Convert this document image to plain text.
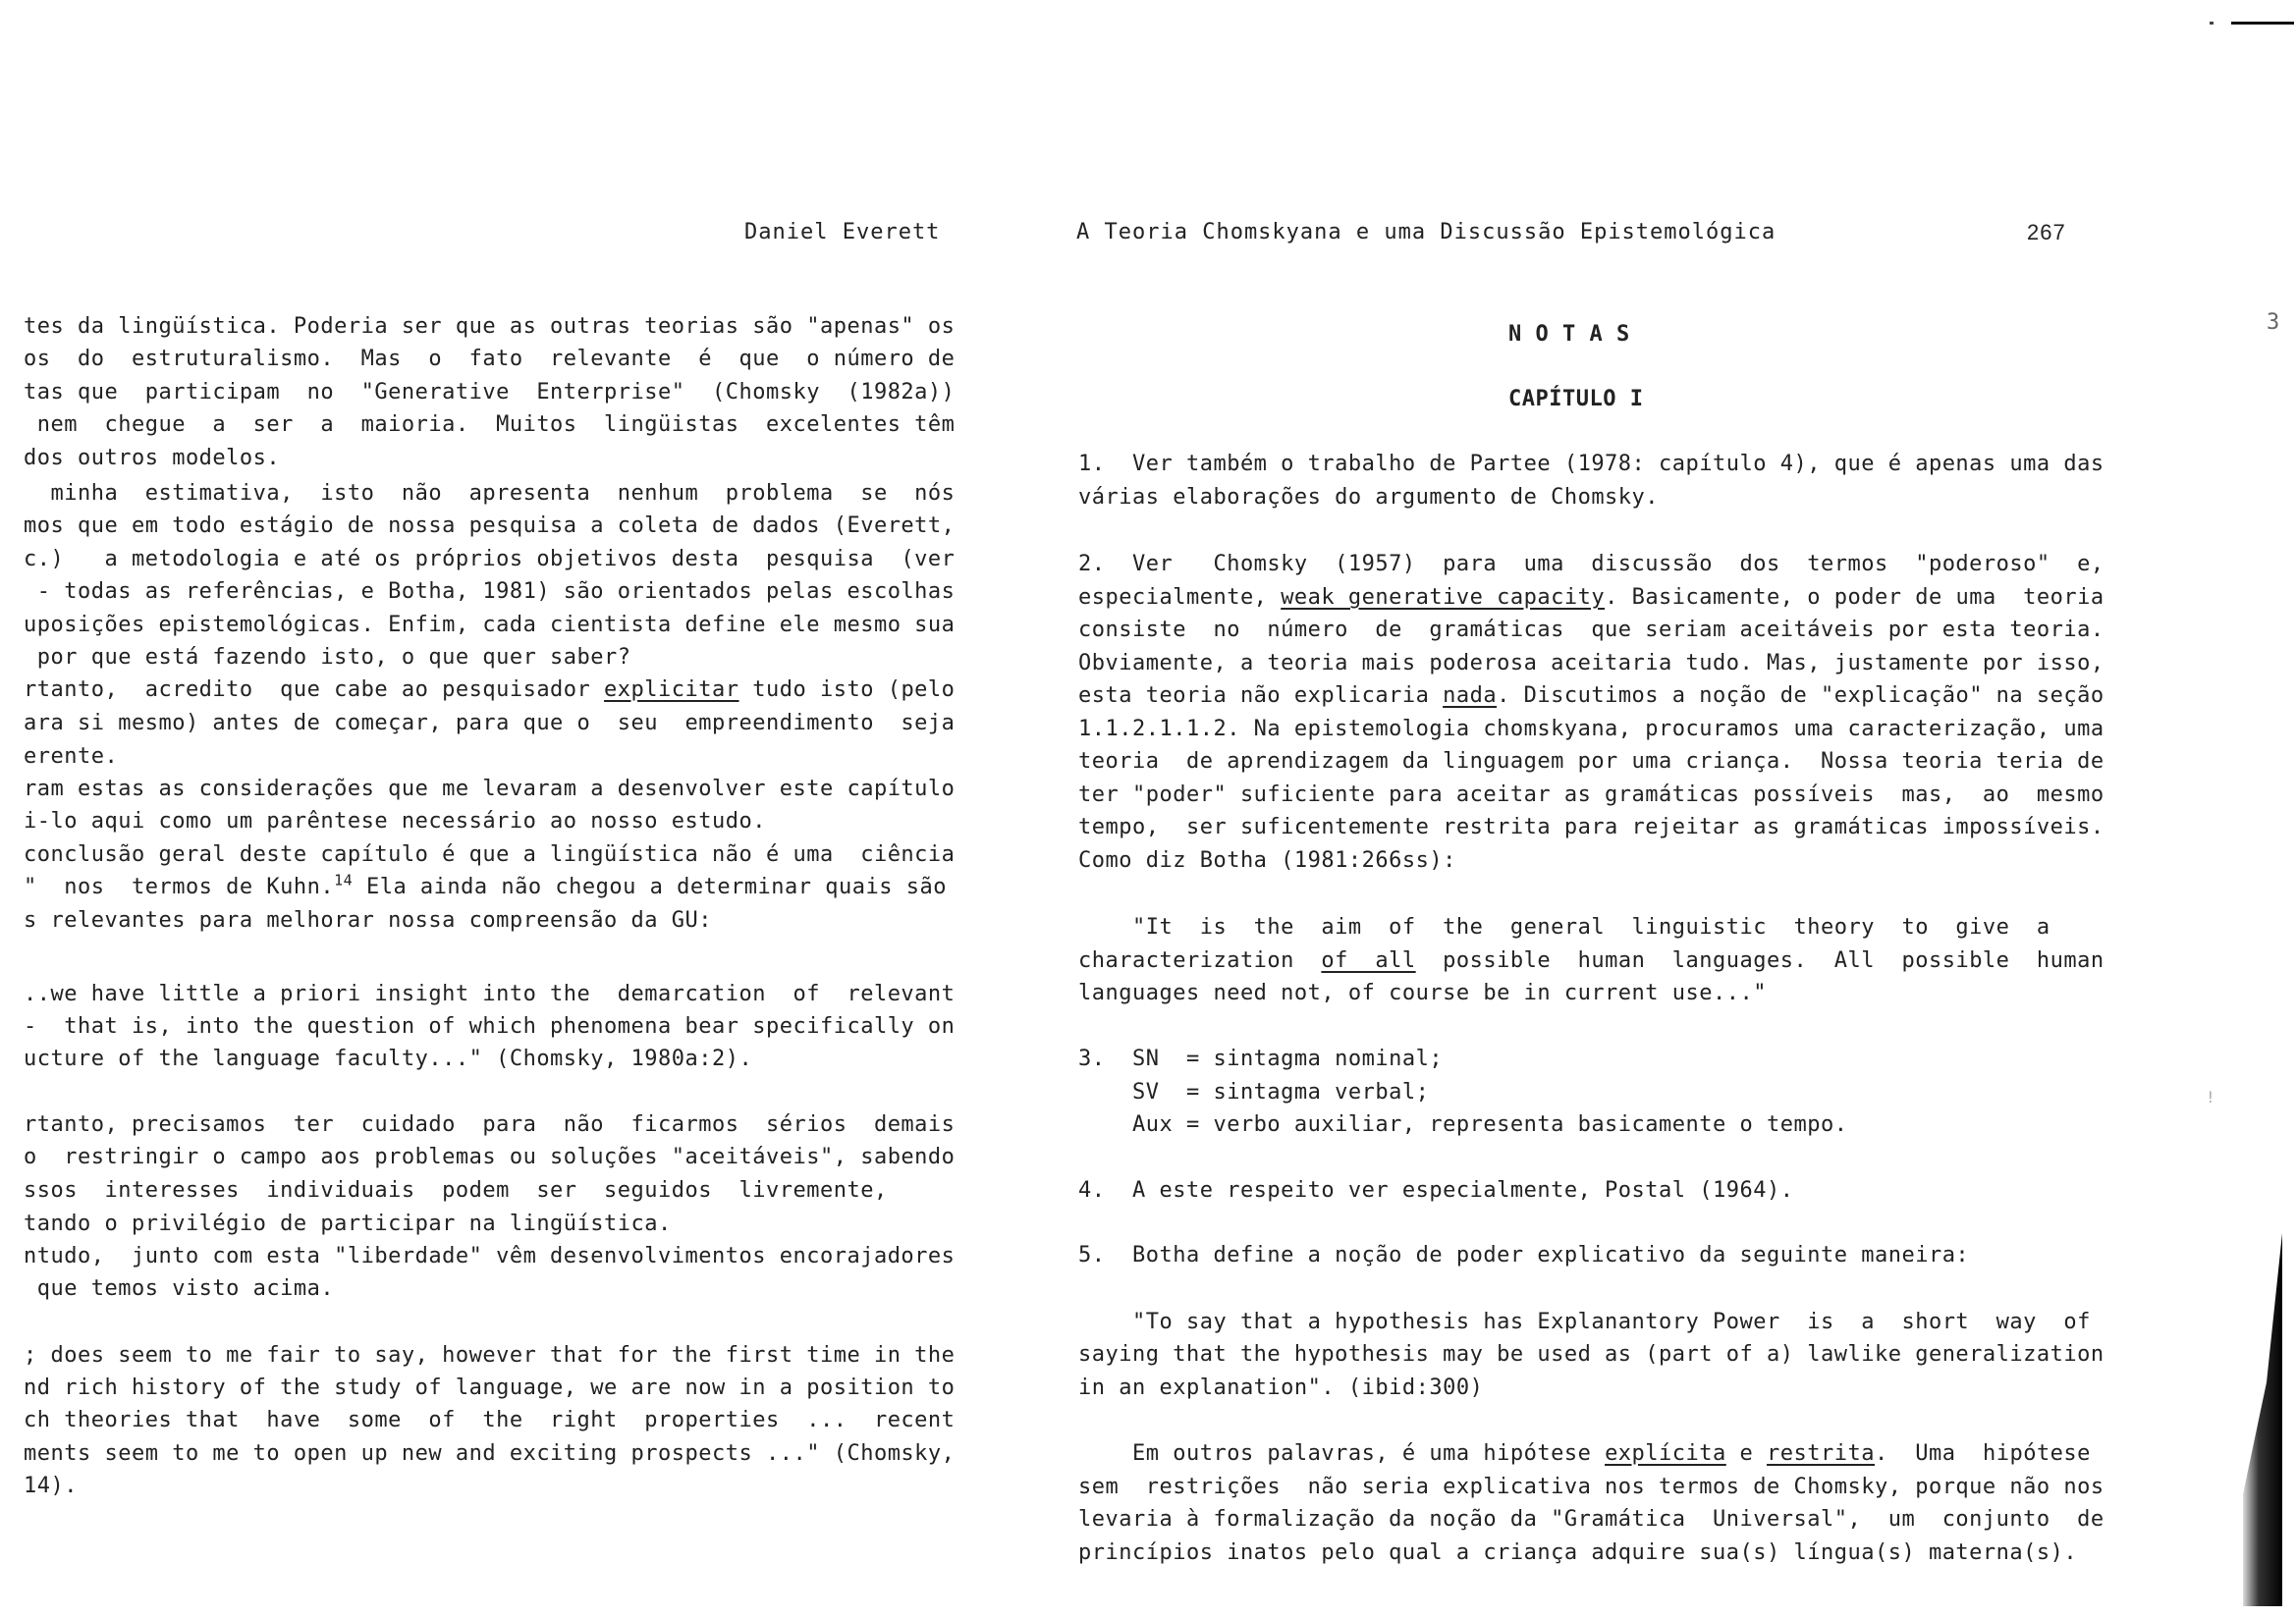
3
!
Daniel Everett
tes da lingüística. Poderia ser que as outras teorias são "apenas" os
os  do  estruturalismo.  Mas  o  fato  relevante  é  que  o número de
tas que  participam  no  "Generative  Enterprise"  (Chomsky  (1982a))
nem  chegue  a  ser  a  maioria.  Muitos  lingüistas  excelentes têm
dos outros modelos.
minha  estimativa,  isto  não  apresenta  nenhum  problema  se  nós
mos que em todo estágio de nossa pesquisa a coleta de dados (Everett,
c.)   a metodologia e até os próprios objetivos desta  pesquisa  (ver
- todas as referências, e Botha, 1981) são orientados pelas escolhas
uposições epistemológicas. Enfim, cada cientista define ele mesmo sua
por que está fazendo isto, o que quer saber?
rtanto,  acredito  que cabe ao pesquisador explicitar tudo isto (pelo
ara si mesmo) antes de começar, para que o  seu  empreendimento  seja
erente.
ram estas as considerações que me levaram a desenvolver este capítulo
i-lo aqui como um parêntese necessário ao nosso estudo.
conclusão geral deste capítulo é que a lingüística não é uma  ciência
"  nos  termos de Kuhn.$^{14}$ Ela ainda não chegou a determinar quais são
s relevantes para melhorar nossa compreensão da GU:
..we have little a priori insight into the  demarcation  of  relevant
-  that is, into the question of which phenomena bear specifically on
ucture of the language faculty..." (Chomsky, 1980a:2).
rtanto, precisamos  ter  cuidado  para  não  ficarmos  sérios  demais
o  restringir o campo aos problemas ou soluções "aceitáveis", sabendo
ssos  interesses  individuais  podem  ser  seguidos  livremente,
tando o privilégio de participar na lingüística.
ntudo,  junto com esta "liberdade" vêm desenvolvimentos encorajadores
que temos visto acima.
; does seem to me fair to say, however that for the first time in the
nd rich history of the study of language, we are now in a position to
ch theories that  have  some  of  the  right  properties  ...  recent
ments seem to me to open up new and exciting prospects ..." (Chomsky,
14).
A Teoria Chomskyana e uma Discussão Epistemológica	267
N O T A S
CAPÍTULO I
1.  Ver também o trabalho de Partee (1978: capítulo 4), que é apenas uma das
várias elaborações do argumento de Chomsky.
2.  Ver   Chomsky  (1957)  para  uma  discussão  dos  termos  "poderoso"  e,
especialmente, weak generative capacity. Basicamente, o poder de uma  teoria
consiste  no  número  de  gramáticas  que seriam aceitáveis por esta teoria.
Obviamente, a teoria mais poderosa aceitaria tudo. Mas, justamente por isso,
esta teoria não explicaria nada. Discutimos a noção de "explicação" na seção
1.1.2.1.1.2. Na epistemologia chomskyana, procuramos uma caracterização, uma
teoria  de aprendizagem da linguagem por uma criança.  Nossa teoria teria de
ter "poder" suficiente para aceitar as gramáticas possíveis  mas,  ao  mesmo
tempo,  ser suficentemente restrita para rejeitar as gramáticas impossíveis.
Como diz Botha (1981:266ss):
"It  is  the  aim  of  the  general  linguistic  theory  to  give  a
characterization  of  all  possible  human  languages.  All  possible  human
languages need not, of course be in current use..."
3.  SN  = sintagma nominal;
SV  = sintagma verbal;
Aux = verbo auxiliar, representa basicamente o tempo.
4.  A este respeito ver especialmente, Postal (1964).
5.  Botha define a noção de poder explicativo da seguinte maneira:
"To say that a hypothesis has Explanantory Power  is  a  short  way  of
saying that the hypothesis may be used as (part of a) lawlike generalization
in an explanation". (ibid:300)
Em outros palavras, é uma hipótese explícita e restrita.  Uma  hipótese
sem  restrições  não seria explicativa nos termos de Chomsky, porque não nos
levaria à formalização da noção da "Gramática  Universal",  um  conjunto  de
princípios inatos pelo qual a criança adquire sua(s) língua(s) materna(s).
